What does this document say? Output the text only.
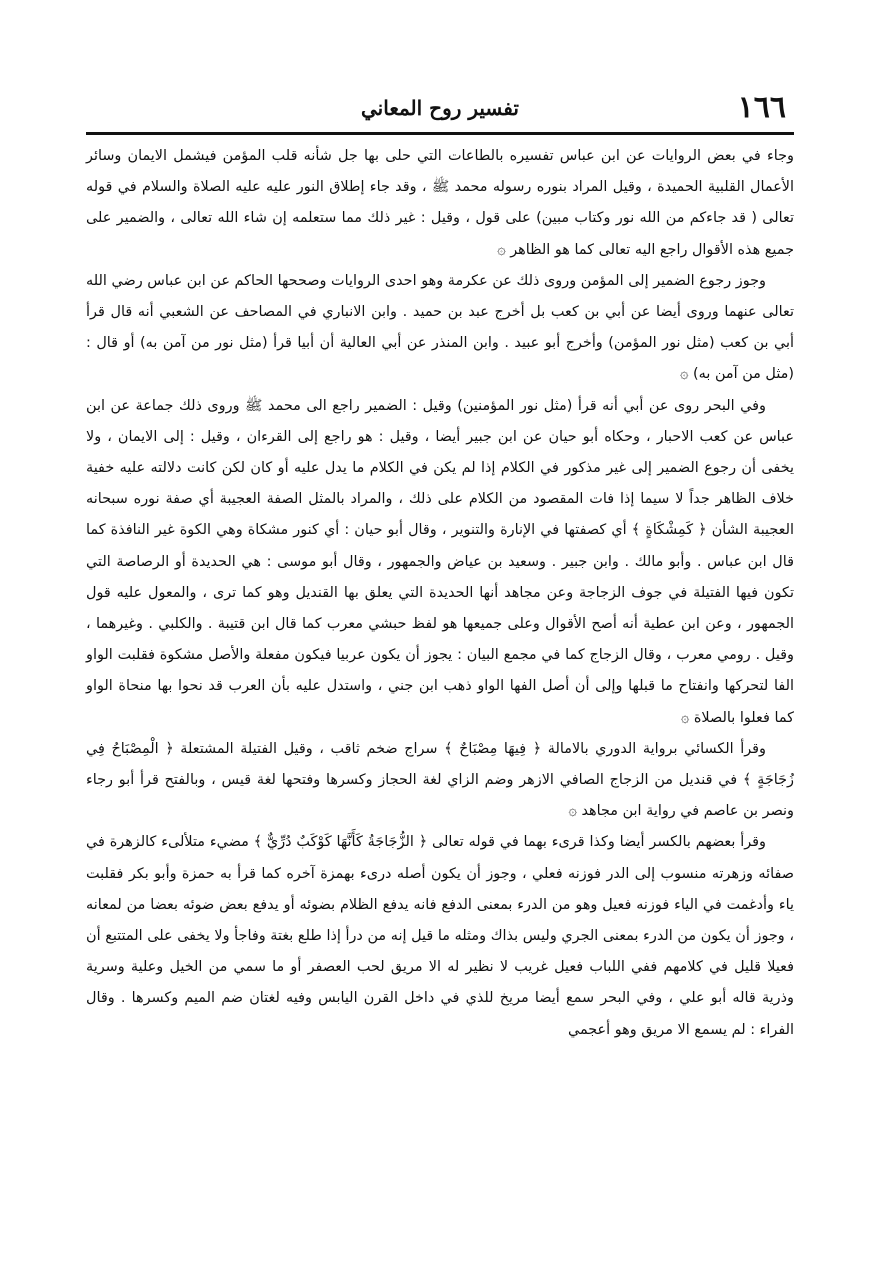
١٦٦
تفسير روح المعاني

وجاء في بعض الروايات عن ابن عباس تفسيره بالطاعات التي حلى بها جل شأنه قلب المؤمن فيشمل الايمان وسائر الأعمال القلبية الحميدة ، وقيل المراد بنوره رسوله محمد ﷺ ، وقد جاء إطلاق النور عليه عليه الصلاة والسلام في قوله تعالى ( قد جاءكم من الله نور وكتاب مبين) على قول ، وقيل : غير ذلك مما ستعلمه إن شاء الله تعالى ، والضمير على جميع هذه الأقوال راجع اليه تعالى كما هو الظاهر ۞

وجوز رجوع الضمير إلى المؤمن وروى ذلك عن عكرمة وهو احدى الروايات وصححها الحاكم عن ابن عباس رضي الله تعالى عنهما وروى أيضا عن أبي بن كعب بل أخرج عبد بن حميد . وابن الانباري في المصاحف عن الشعبي أنه قال قرأ أبي بن كعب (مثل نور المؤمن) وأخرج أبو عبيد . وابن المنذر عن أبي العالية أن أبيا قرأ (مثل نور من آمن به) أو قال : (مثل من آمن به) ۞

وفي البحر روى عن أبي أنه قرأ (مثل نور المؤمنين) وقيل : الضمير راجع الى محمد ﷺ وروى ذلك جماعة عن ابن عباس عن كعب الاحبار ، وحكاه أبو حيان عن ابن جبير أيضا ، وقيل : هو راجع إلى القرءان ، وقيل : إلى الايمان ، ولا يخفى أن رجوع الضمير إلى غير مذكور في الكلام إذا لم يكن في الكلام ما يدل عليه أو كان لكن كانت دلالته عليه خفية خلاف الظاهر جداً لا سيما إذا فات المقصود من الكلام على ذلك ، والمراد بالمثل الصفة العجيبة أي صفة نوره سبحانه العجيبة الشأن ﴿ كَمِشْكَاةٍ ﴾ أي كصفتها في الإنارة والتنوير ، وقال أبو حيان : أي كنور مشكاة وهي الكوة غير النافذة كما قال ابن عباس . وأبو مالك . وابن جبير . وسعيد بن عياض والجمهور ، وقال أبو موسى : هي الحديدة أو الرصاصة التي تكون فيها الفتيلة في جوف الزجاجة وعن مجاهد أنها الحديدة التي يعلق بها القنديل وهو كما ترى ، والمعول عليه قول الجمهور ، وعن ابن عطية أنه أصح الأقوال وعلى جميعها هو لفظ حبشي معرب كما قال ابن قتيبة . والكلبي . وغيرهما ، وقيل . رومي معرب ، وقال الزجاج كما في مجمع البيان : يجوز أن يكون عربيا فيكون مفعلة والأصل مشكوة فقلبت الواو الفا لتحركها وانفتاح ما قبلها وإلى أن أصل الفها الواو ذهب ابن جني ، واستدل عليه بأن العرب قد نحوا بها منحاة الواو كما فعلوا بالصلاة ۞

وقرأ الكسائي برواية الدوري بالامالة ﴿ فِيهَا مِصْبَاحٌ ﴾ سراج ضخم ثاقب ، وقيل الفتيلة المشتعلة ﴿ الْمِصْبَاحُ فِي زُجَاجَةٍ ﴾ في قنديل من الزجاج الصافي الازهر وضم الزاي لغة الحجاز وكسرها وفتحها لغة قيس ، وبالفتح قرأ أبو رجاء ونصر بن عاصم في رواية ابن مجاهد ۞

وقرأ بعضهم بالكسر أيضا وكذا قرىء بهما في قوله تعالى ﴿ الزُّجَاجَةُ كَأَنَّهَا كَوْكَبٌ دُرِّيٌّ ﴾ مضيء متلألىء كالزهرة في صفائه وزهرته منسوب إلى الدر فوزنه فعلي ، وجوز أن يكون أصله درىء بهمزة آخره كما قرأ به حمزة وأبو بكر فقلبت ياء وأدغمت في الياء فوزنه فعيل وهو من الدرء بمعنى الدفع فانه يدفع الظلام بضوئه أو يدفع بعض ضوئه بعضا من لمعانه ، وجوز أن يكون من الدرء بمعنى الجري وليس بذاك ومثله ما قيل إنه من درأ إذا طلع بغتة وفاجأ ولا يخفى على المتتبع أن فعيلا قليل في كلامهم ففي اللباب فعيل غريب لا نظير له الا مريق لحب العصفر أو ما سمي من الخيل وعلية وسرية وذرية قاله أبو علي ، وفي البحر سمع أيضا مريخ للذي في داخل القرن اليابس وفيه لغتان ضم الميم وكسرها . وقال الفراء : لم يسمع الا مريق وهو أعجمي
